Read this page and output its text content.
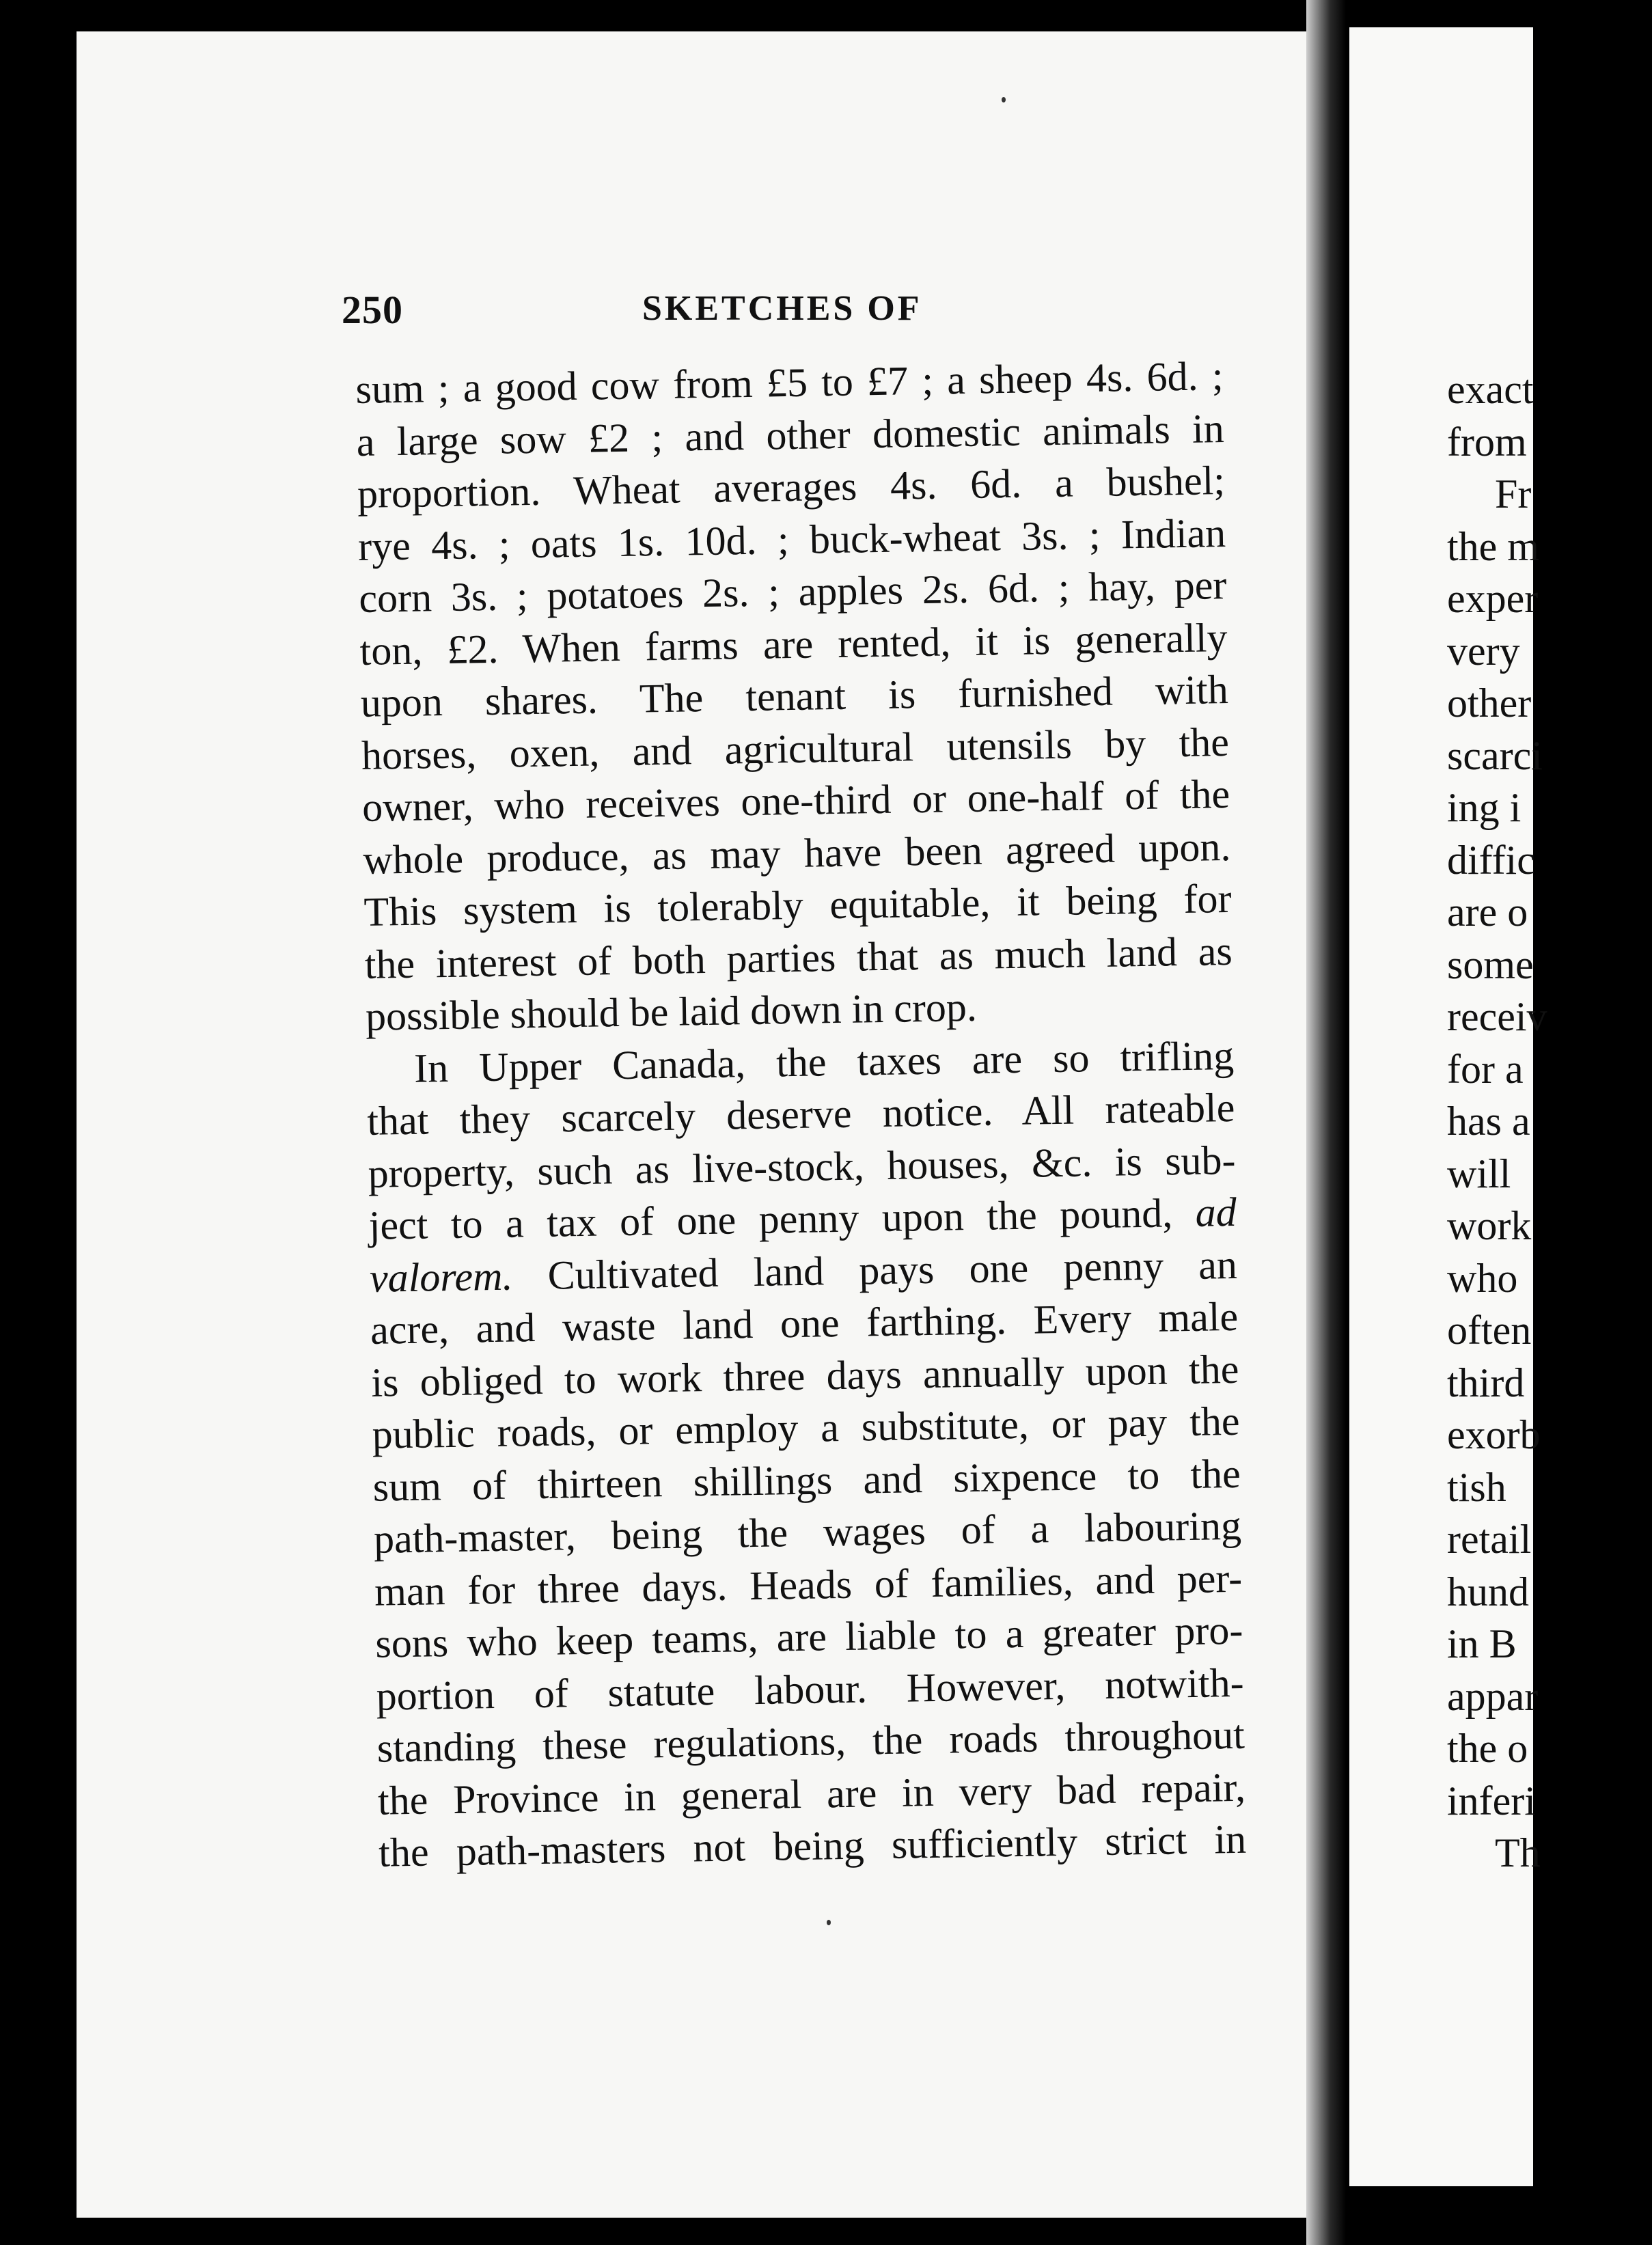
250	SKETCHES OF
sum ; a good cow from £5 to £7 ; a sheep 4s. 6d. ;
a large sow £2 ; and other domestic animals in
proportion. Wheat averages 4s. 6d. a bushel;
rye 4s. ; oats 1s. 10d. ; buck-wheat 3s. ; Indian
corn 3s. ; potatoes 2s. ; apples 2s. 6d. ; hay, per
ton, £2. When farms are rented, it is generally
upon shares. The tenant is furnished with
horses, oxen, and agricultural utensils by the
owner, who receives one-third or one-half of the
whole produce, as may have been agreed upon.
This system is tolerably equitable, it being for
the interest of both parties that as much land as
possible should be laid down in crop.
In Upper Canada, the taxes are so trifling
that they scarcely deserve notice. All rateable
property, such as live-stock, houses, &c. is sub-
ject to a tax of one penny upon the pound, ad
valorem. Cultivated land pays one penny an
acre, and waste land one farthing. Every male
is obliged to work three days annually upon the
public roads, or employ a substitute, or pay the
sum of thirteen shillings and sixpence to the
path-master, being the wages of a labouring
man for three days. Heads of families, and per-
sons who keep teams, are liable to a greater pro-
portion of statute labour. However, notwith-
standing these regulations, the roads throughout
the Province in general are in very bad repair,
the path-masters not being sufficiently strict in
exact
from
Fr
the m
exper
very
other
scarci
ing i
diffic
are o
some
receiv
for a
has a
will
work
who
often
third
exorb
tish
retail
hund
in B
appar
the o
inferi
Th
